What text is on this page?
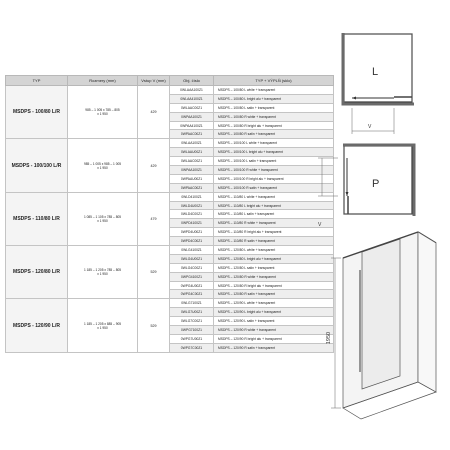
TYP	Rozmery (mm)	Vstup V (mm)	Obj. číslo	TYP + VÝPLŇ (sklo)
MSDPS - 100/80 L/R	985 – 1 005 x 785 – 805
x 1 950	429	0WLAAA100Z1	MSDPS – 100/80 L white + transparent
			0WLAA4100Z1	MSDPS – 100/80 L bright alu + transparent
			0WLAAC00Z1	MSDPS – 100/80 L satin + transparent
			0WPAA100Z1	MSDPS – 100/80 R white + transparent
			0WPAA4100Z1	MSDPS – 100/80 R bright alu + transparent
			0WPAAC00Z1	MSDPS – 100/80 R satin + transparent
MSDPS - 100/100 L/R	985 – 1 005 x 985 – 1 005
x 1 950	429	0WLAA100Z1	MSDPS – 100/100 L white + transparent
			0WLAAU00Z1	MSDPS – 100/100 L bright alu + transparent
			0WLAAC00Z1	MSDPS – 100/100 L satin + transparent
			0WPAA100Z1	MSDPS – 100/100 R white + transparent
			0WPAAU00Z1	MSDPS – 100/100 R bright alu + transparent
			0WPAAC00Z1	MSDPS – 100/100 R satin + transparent
MSDPS - 110/80 L/R	1 085 – 1 105 x 785 – 805
x 1 950	479	0WLD4100Z1	MSDPS – 110/80 L white + transparent
			0WLD4U00Z1	MSDPS – 110/80 L bright alu + transparent
			0WLD4C00Z1	MSDPS – 110/80 L satin + transparent
			0WPD4100Z1	MSDPS – 110/80 R white + transparent
			0WPD4U00Z1	MSDPS – 110/80 R bright alu + transparent
			0WPD4C00Z1	MSDPS – 110/80 R satin + transparent
MSDPS - 120/80 L/R	1 185 – 1 205 x 785 – 805
x 1 950	529	0WLG4100Z1	MSDPS – 120/80 L white + transparent
			0WLG4U00Z1	MSDPS – 120/80 L bright alu + transparent
			0WLG4C00Z1	MSDPS – 120/80 L satin + transparent
			0WPG4100Z1	MSDPS – 120/80 R white + transparent
			0WPG4U00Z1	MSDPS – 120/80 R bright alu + transparent
			0WPG4C00Z1	MSDPS – 120/80 R satin + transparent
MSDPS - 120/90 L/R	1 185 – 1 205 x 885 – 905
x 1 950	529	0WLG7100Z1	MSDPS – 120/90 L white + transparent
			0WLG7U00Z1	MSDPS – 120/90 L bright alu + transparent
			0WLG7C00Z1	MSDPS – 120/90 L satin + transparent
			0WPG7100Z1	MSDPS – 120/90 R white + transparent
			0WPG7U00Z1	MSDPS – 120/90 R bright alu + transparent
			0WPG7C00Z1	MSDPS – 120/90 R satin + transparent
L
V
P
V
1950
